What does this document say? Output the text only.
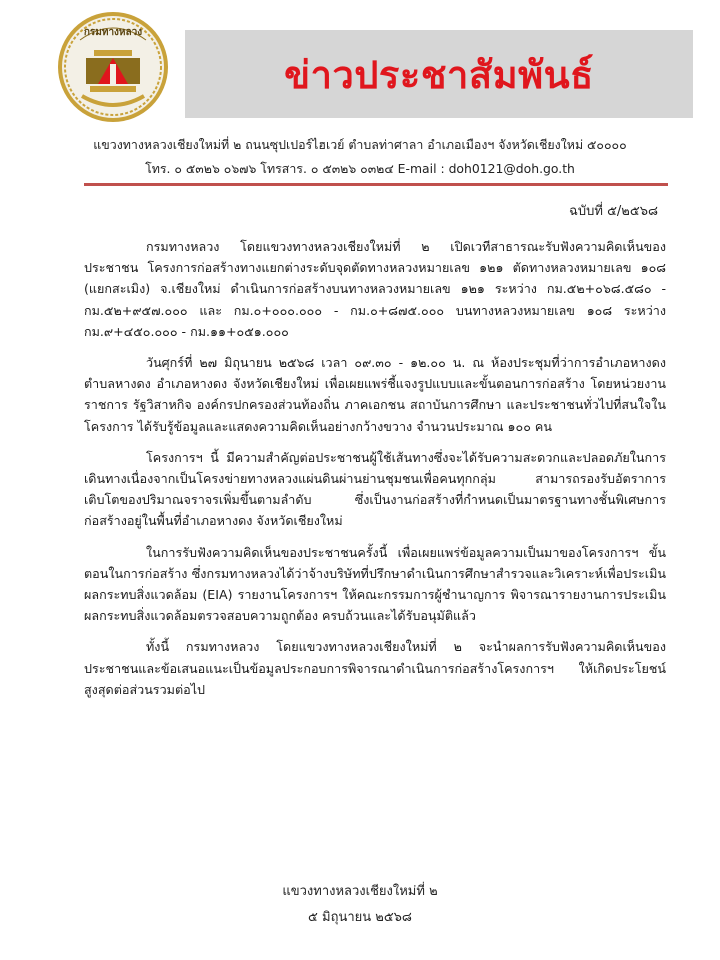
กรมทางหลวง
ข่าวประชาสัมพันธ์
แขวงทางหลวงเชียงใหม่ที่ ๒ ถนนซุปเปอร์ไฮเวย์ ตำบลท่าศาลา อำเภอเมืองฯ จังหวัดเชียงใหม่ ๕๐๐๐๐
โทร. ๐ ๕๓๒๖ ๐๖๗๖ โทรสาร. ๐ ๕๓๒๖ ๐๓๒๔ E-mail : doh0121@doh.go.th
ฉบับที่ ๕/๒๕๖๘

กรมทางหลวง โดยแขวงทางหลวงเชียงใหม่ที่ ๒ เปิดเวทีสาธารณะรับฟังความคิดเห็นของประชาชน โครงการก่อสร้างทางแยกต่างระดับจุดตัดทางหลวงหมายเลข ๑๒๑ ตัดทางหลวงหมายเลข ๑๐๘ (แยกสะเมิง) จ.เชียงใหม่ ดำเนินการก่อสร้างบนทางหลวงหมายเลข ๑๒๑ ระหว่าง กม.๕๒+๐๖๘.๕๘๐ - กม.๕๒+๙๕๗.๐๐๐ และ กม.๐+๐๐๐.๐๐๐ - กม.๐+๘๗๕.๐๐๐ บนทางหลวงหมายเลข ๑๐๘ ระหว่าง กม.๙+๔๕๐.๐๐๐ - กม.๑๑+๐๕๑.๐๐๐

วันศุกร์ที่ ๒๗ มิถุนายน ๒๕๖๘ เวลา ๐๙.๓๐ - ๑๒.๐๐ น. ณ ห้องประชุมที่ว่าการอำเภอหางดง ตำบลหางดง อำเภอหางดง จังหวัดเชียงใหม่ เพื่อเผยแพร่ชี้แจงรูปแบบและขั้นตอนการก่อสร้าง โดยหน่วยงานราชการ รัฐวิสาหกิจ องค์กรปกครองส่วนท้องถิ่น ภาคเอกชน สถาบันการศึกษา และประชาชนทั่วไปที่สนใจในโครงการ ได้รับรู้ข้อมูลและแสดงความคิดเห็นอย่างกว้างขวาง จำนวนประมาณ ๑๐๐ คน

โครงการฯ นี้ มีความสำคัญต่อประชาชนผู้ใช้เส้นทางซึ่งจะได้รับความสะดวกและปลอดภัยในการเดินทางเนื่องจากเป็นโครงข่ายทางหลวงแผ่นดินผ่านย่านชุมชนเพื่อคนทุกกลุ่ม สามารถรองรับอัตราการเติบโตของปริมาณจราจรเพิ่มขึ้นตามลำดับ ซึ่งเป็นงานก่อสร้างที่กำหนดเป็นมาตรฐานทางชั้นพิเศษการก่อสร้างอยู่ในพื้นที่อำเภอหางดง จังหวัดเชียงใหม่

ในการรับฟังความคิดเห็นของประชาชนครั้งนี้ เพื่อเผยแพร่ข้อมูลความเป็นมาของโครงการฯ ขั้นตอนในการก่อสร้าง ซึ่งกรมทางหลวงได้ว่าจ้างบริษัทที่ปรึกษาดำเนินการศึกษาสำรวจและวิเคราะห์เพื่อประเมินผลกระทบสิ่งแวดล้อม (EIA) รายงานโครงการฯ ให้คณะกรรมการผู้ชำนาญการ พิจารณารายงานการประเมินผลกระทบสิ่งแวดล้อมตรวจสอบความถูกต้อง ครบถ้วนและได้รับอนุมัติแล้ว

ทั้งนี้ กรมทางหลวง โดยแขวงทางหลวงเชียงใหม่ที่ ๒ จะนำผลการรับฟังความคิดเห็นของประชาชนและข้อเสนอแนะเป็นข้อมูลประกอบการพิจารณาดำเนินการก่อสร้างโครงการฯ ให้เกิดประโยชน์สูงสุดต่อส่วนรวมต่อไป

แขวงทางหลวงเชียงใหม่ที่ ๒
๕ มิถุนายน ๒๕๖๘
